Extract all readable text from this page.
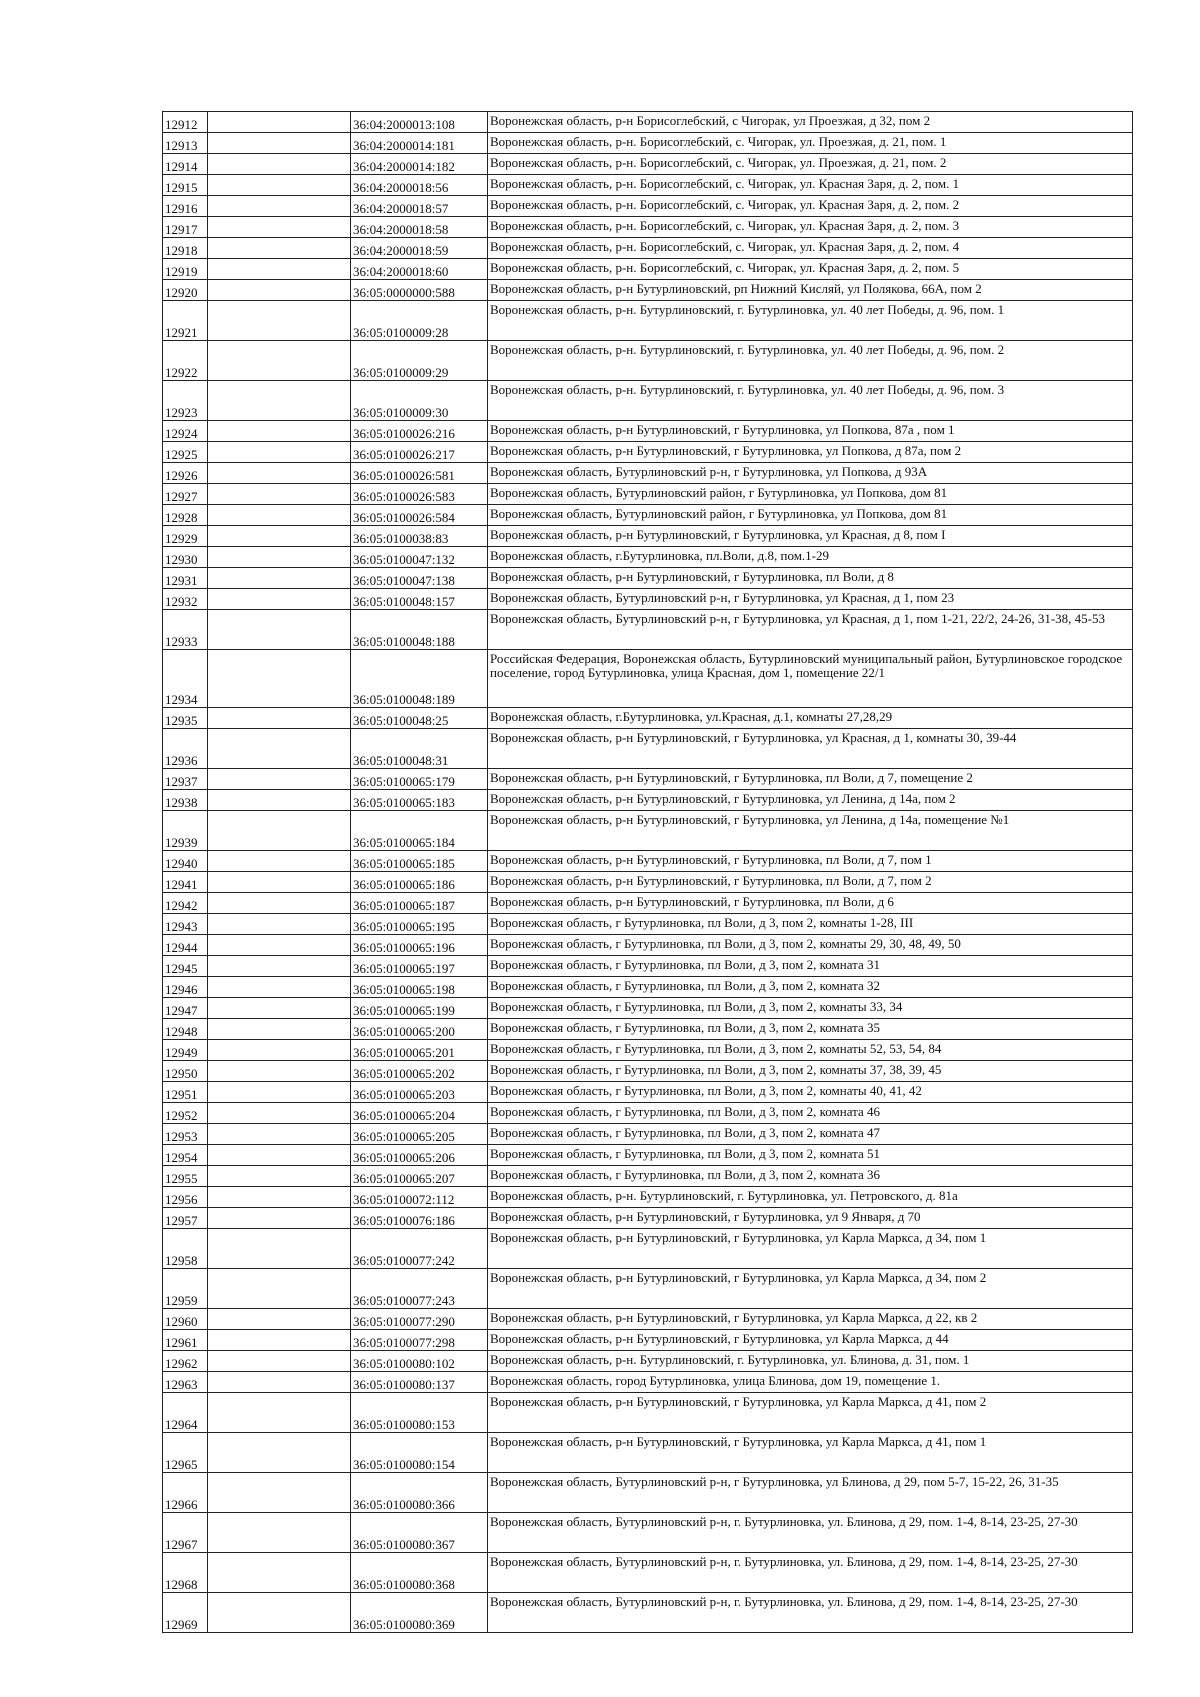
12912		36:04:2000013:108	Воронежская область, р-н Борисоглебский, с Чигорак, ул Проезжая, д 32, пом 2
12913		36:04:2000014:181	Воронежская область, р-н. Борисоглебский, с. Чигорак, ул. Проезжая, д. 21, пом. 1
12914		36:04:2000014:182	Воронежская область, р-н. Борисоглебский, с. Чигорак, ул. Проезжая, д. 21, пом. 2
12915		36:04:2000018:56	Воронежская область, р-н. Борисоглебский, с. Чигорак, ул. Красная Заря, д. 2, пом. 1
12916		36:04:2000018:57	Воронежская область, р-н. Борисоглебский, с. Чигорак, ул. Красная Заря, д. 2, пом. 2
12917		36:04:2000018:58	Воронежская область, р-н. Борисоглебский, с. Чигорак, ул. Красная Заря, д. 2, пом. 3
12918		36:04:2000018:59	Воронежская область, р-н. Борисоглебский, с. Чигорак, ул. Красная Заря, д. 2, пом. 4
12919		36:04:2000018:60	Воронежская область, р-н. Борисоглебский, с. Чигорак, ул. Красная Заря, д. 2, пом. 5
12920		36:05:0000000:588	Воронежская область, р-н Бутурлиновский, рп Нижний Кисляй, ул Полякова, 66А, пом 2
12921		36:05:0100009:28	Воронежская область, р-н. Бутурлиновский, г. Бутурлиновка, ул. 40 лет Победы, д. 96, пом. 1
12922		36:05:0100009:29	Воронежская область, р-н. Бутурлиновский, г. Бутурлиновка, ул. 40 лет Победы, д. 96, пом. 2
12923		36:05:0100009:30	Воронежская область, р-н. Бутурлиновский, г. Бутурлиновка, ул. 40 лет Победы, д. 96, пом. 3
12924		36:05:0100026:216	Воронежская область, р-н Бутурлиновский, г Бутурлиновка, ул Попкова, 87а , пом 1
12925		36:05:0100026:217	Воронежская область, р-н Бутурлиновский, г Бутурлиновка, ул Попкова, д 87а, пом 2
12926		36:05:0100026:581	Воронежская область, Бутурлиновский р-н, г Бутурлиновка, ул Попкова, д 93А
12927		36:05:0100026:583	Воронежская область, Бутурлиновский район, г Бутурлиновка, ул Попкова, дом 81
12928		36:05:0100026:584	Воронежская область, Бутурлиновский район, г Бутурлиновка, ул Попкова, дом 81
12929		36:05:0100038:83	Воронежская область, р-н Бутурлиновский, г Бутурлиновка, ул Красная, д 8, пом I
12930		36:05:0100047:132	Воронежская область, г.Бутурлиновка, пл.Воли, д.8, пом.1-29
12931		36:05:0100047:138	Воронежская область, р-н Бутурлиновский, г Бутурлиновка, пл Воли, д 8
12932		36:05:0100048:157	Воронежская область, Бутурлиновский р-н, г Бутурлиновка, ул Красная, д 1, пом 23
12933		36:05:0100048:188	Воронежская область, Бутурлиновский р-н, г Бутурлиновка, ул Красная, д 1, пом 1-21, 22/2, 24-26, 31-38, 45-53
12934		36:05:0100048:189	Российская Федерация, Воронежская область, Бутурлиновский муниципальный район, Бутурлиновское городское поселение, город Бутурлиновка, улица Красная, дом 1, помещение 22/1
12935		36:05:0100048:25	Воронежская область, г.Бутурлиновка, ул.Красная, д.1, комнаты 27,28,29
12936		36:05:0100048:31	Воронежская область, р-н Бутурлиновский, г Бутурлиновка, ул Красная, д 1, комнаты 30, 39-44
12937		36:05:0100065:179	Воронежская область, р-н Бутурлиновский, г Бутурлиновка, пл Воли, д 7, помещение 2
12938		36:05:0100065:183	Воронежская область, р-н Бутурлиновский, г Бутурлиновка, ул Ленина, д 14а, пом 2
12939		36:05:0100065:184	Воронежская область, р-н Бутурлиновский, г Бутурлиновка, ул Ленина, д 14а, помещение №1
12940		36:05:0100065:185	Воронежская область, р-н Бутурлиновский, г Бутурлиновка, пл Воли, д 7, пом 1
12941		36:05:0100065:186	Воронежская область, р-н Бутурлиновский, г Бутурлиновка, пл Воли, д 7, пом 2
12942		36:05:0100065:187	Воронежская область, р-н Бутурлиновский, г Бутурлиновка, пл Воли, д 6
12943		36:05:0100065:195	Воронежская область, г Бутурлиновка, пл Воли, д 3, пом 2, комнаты 1-28, III
12944		36:05:0100065:196	Воронежская область, г Бутурлиновка, пл Воли, д 3, пом 2, комнаты 29, 30, 48, 49, 50
12945		36:05:0100065:197	Воронежская область, г Бутурлиновка, пл Воли, д 3, пом 2, комната 31
12946		36:05:0100065:198	Воронежская область, г Бутурлиновка, пл Воли, д 3, пом 2, комната 32
12947		36:05:0100065:199	Воронежская область, г Бутурлиновка, пл Воли, д 3, пом 2, комнаты 33, 34
12948		36:05:0100065:200	Воронежская область, г Бутурлиновка, пл Воли, д 3, пом 2, комната 35
12949		36:05:0100065:201	Воронежская область, г Бутурлиновка, пл Воли, д 3, пом 2, комнаты 52, 53, 54, 84
12950		36:05:0100065:202	Воронежская область, г Бутурлиновка, пл Воли, д 3, пом 2, комнаты 37, 38, 39, 45
12951		36:05:0100065:203	Воронежская область, г Бутурлиновка, пл Воли, д 3, пом 2, комнаты 40, 41, 42
12952		36:05:0100065:204	Воронежская область, г Бутурлиновка, пл Воли, д 3, пом 2, комната 46
12953		36:05:0100065:205	Воронежская область, г Бутурлиновка, пл Воли, д 3, пом 2, комната 47
12954		36:05:0100065:206	Воронежская область, г Бутурлиновка, пл Воли, д 3, пом 2, комната 51
12955		36:05:0100065:207	Воронежская область, г Бутурлиновка, пл Воли, д 3, пом 2, комната 36
12956		36:05:0100072:112	Воронежская область, р-н. Бутурлиновский, г. Бутурлиновка, ул. Петровского, д. 81а
12957		36:05:0100076:186	Воронежская область, р-н Бутурлиновский, г Бутурлиновка, ул 9 Января, д 70
12958		36:05:0100077:242	Воронежская область, р-н Бутурлиновский, г Бутурлиновка, ул Карла Маркса, д 34, пом 1
12959		36:05:0100077:243	Воронежская область, р-н Бутурлиновский, г Бутурлиновка, ул Карла Маркса, д 34, пом 2
12960		36:05:0100077:290	Воронежская область, р-н Бутурлиновский, г Бутурлиновка, ул Карла Маркса, д 22, кв 2
12961		36:05:0100077:298	Воронежская область, р-н Бутурлиновский, г Бутурлиновка, ул Карла Маркса, д 44
12962		36:05:0100080:102	Воронежская область, р-н. Бутурлиновский, г. Бутурлиновка, ул. Блинова, д. 31, пом. 1
12963		36:05:0100080:137	Воронежская область, город Бутурлиновка, улица Блинова, дом 19, помещение 1.
12964		36:05:0100080:153	Воронежская область, р-н Бутурлиновский, г Бутурлиновка, ул Карла Маркса, д 41, пом 2
12965		36:05:0100080:154	Воронежская область, р-н Бутурлиновский, г Бутурлиновка, ул Карла Маркса, д 41, пом 1
12966		36:05:0100080:366	Воронежская область, Бутурлиновский р-н, г Бутурлиновка, ул Блинова, д 29, пом 5-7, 15-22, 26, 31-35
12967		36:05:0100080:367	Воронежская область, Бутурлиновский р-н, г. Бутурлиновка, ул. Блинова, д 29, пом. 1-4, 8-14, 23-25, 27-30
12968		36:05:0100080:368	Воронежская область, Бутурлиновский р-н, г. Бутурлиновка, ул. Блинова, д 29, пом. 1-4, 8-14, 23-25, 27-30
12969		36:05:0100080:369	Воронежская область, Бутурлиновский р-н, г. Бутурлиновка, ул. Блинова, д 29, пом. 1-4, 8-14, 23-25, 27-30
